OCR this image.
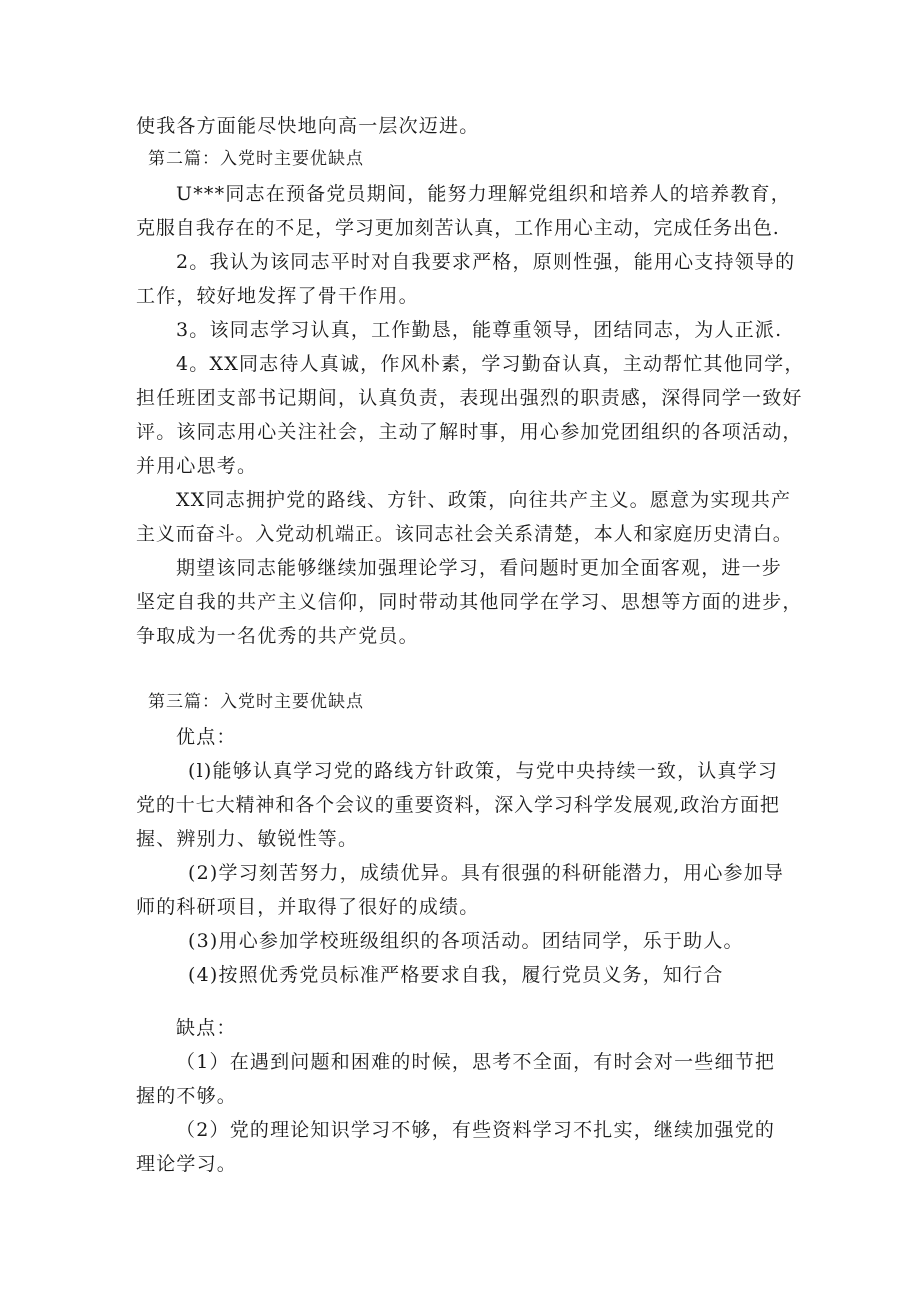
使我各方面能尽快地向高一层次迈进。

第二篇：入党时主要优缺点

U***同志在预备党员期间，能努力理解党组织和培养人的培养教育，

克服自我存在的不足，学习更加刻苦认真，工作用心主动，完成任务出色.

2。我认为该同志平时对自我要求严格，原则性强，能用心支持领导的

工作，较好地发挥了骨干作用。

3。该同志学习认真，工作勤恳，能尊重领导，团结同志，为人正派.

4。XX同志待人真诚，作风朴素，学习勤奋认真，主动帮忙其他同学，

担任班团支部书记期间，认真负责，表现出强烈的职责感，深得同学一致好

评。该同志用心关注社会，主动了解时事，用心参加党团组织的各项活动，

并用心思考。

XX同志拥护党的路线、方针、政策，向往共产主义。愿意为实现共产

主义而奋斗。入党动机端正。该同志社会关系清楚，本人和家庭历史清白。

期望该同志能够继续加强理论学习，看问题时更加全面客观，进一步

坚定自我的共产主义信仰，同时带动其他同学在学习、思想等方面的进步，

争取成为一名优秀的共产党员。

第三篇：入党时主要优缺点

优点：

(l)能够认真学习党的路线方针政策，与党中央持续一致，认真学习

党的十七大精神和各个会议的重要资料，深入学习科学发展观,政治方面把

握、辨别力、敏锐性等。

(2)学习刻苦努力，成绩优异。具有很强的科研能潜力，用心参加导

师的科研项目，并取得了很好的成绩。

(3)用心参加学校班级组织的各项活动。团结同学，乐于助人。

(4)按照优秀党员标准严格要求自我，履行党员义务，知行合

缺点：

（1）在遇到问题和困难的时候，思考不全面，有时会对一些细节把

握的不够。

（2）党的理论知识学习不够，有些资料学习不扎实，继续加强党的

理论学习。
